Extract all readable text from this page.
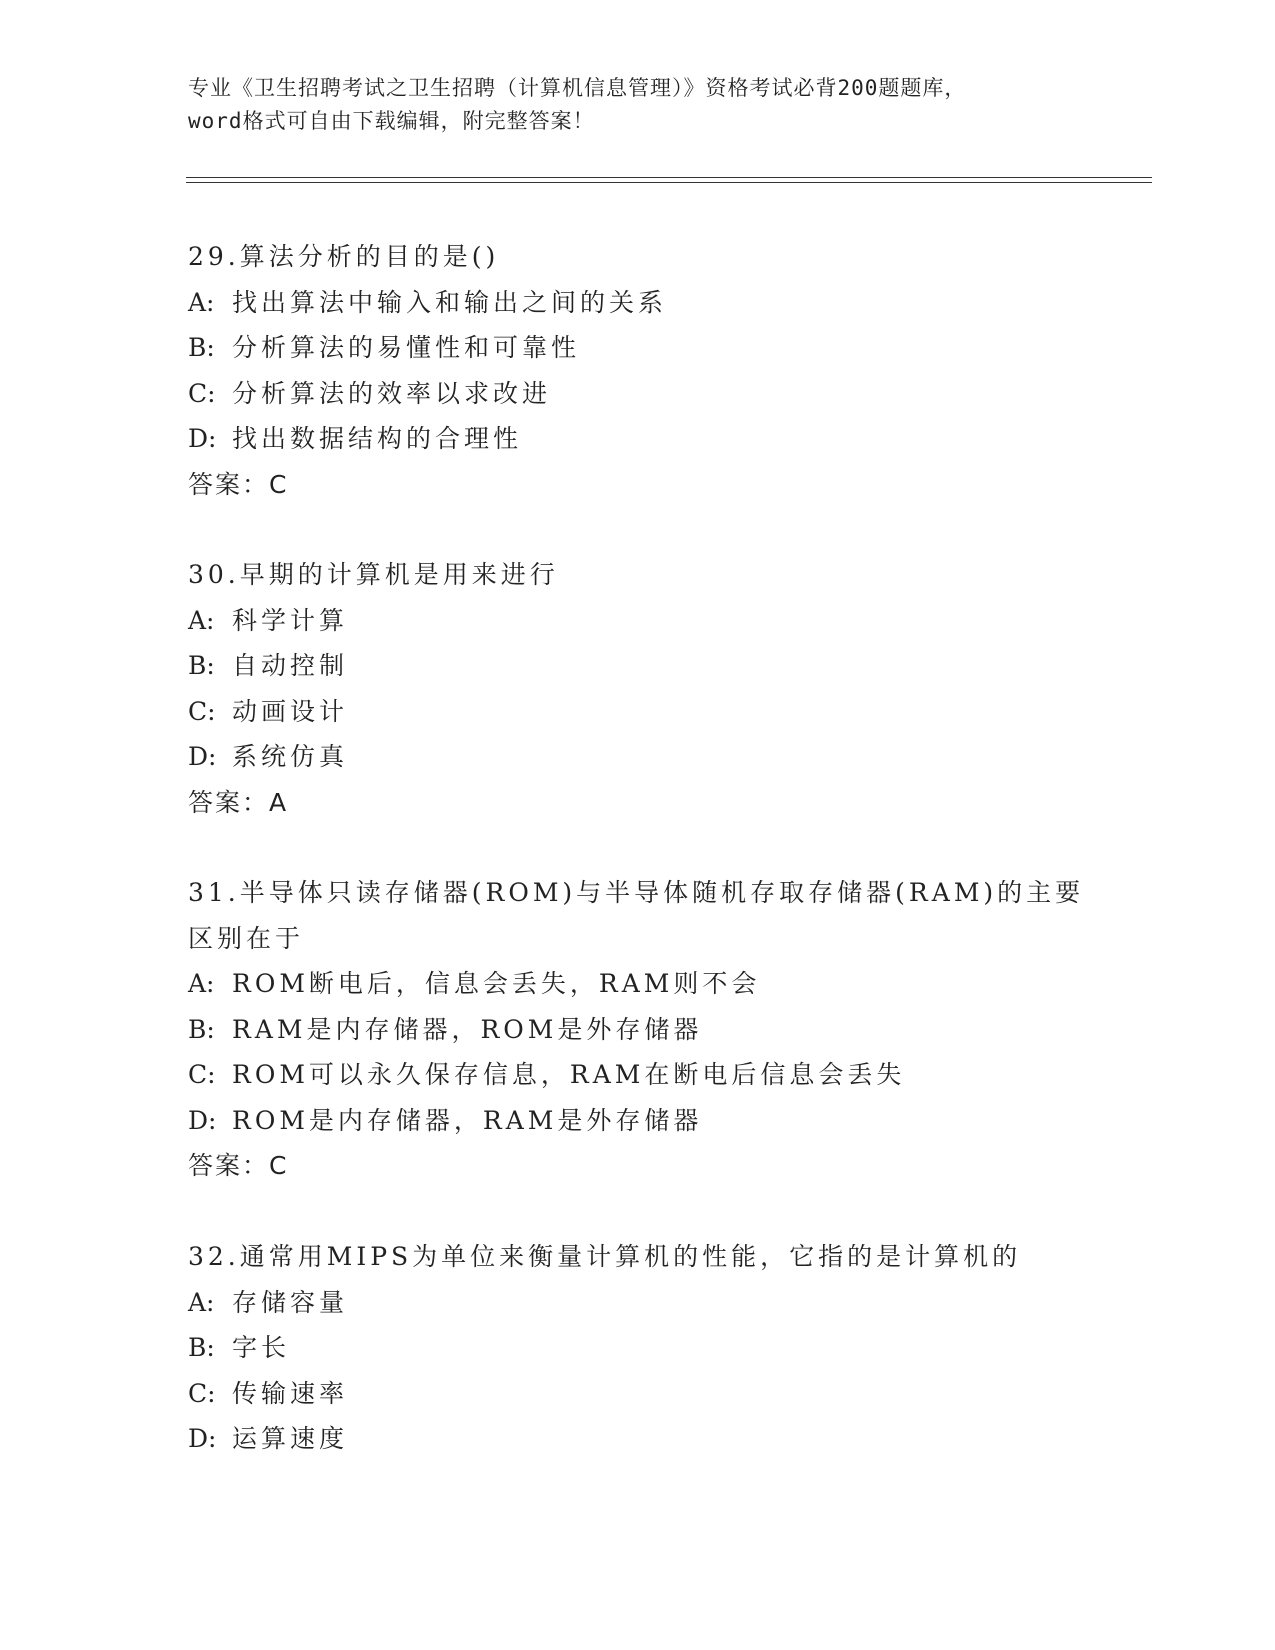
专业《卫生招聘考试之卫生招聘（计算机信息管理）》资格考试必背200题题库，
word格式可自由下载编辑，附完整答案！
29.算法分析的目的是()
A: 找出算法中输入和输出之间的关系
B: 分析算法的易懂性和可靠性
C: 分析算法的效率以求改进
D: 找出数据结构的合理性
答案：C
30.早期的计算机是用来进行
A: 科学计算
B: 自动控制
C: 动画设计
D: 系统仿真
答案：A
31.半导体只读存储器(ROM)与半导体随机存取存储器(RAM)的主要区别在于
A: ROM断电后，信息会丢失，RAM则不会
B: RAM是内存储器，ROM是外存储器
C: ROM可以永久保存信息，RAM在断电后信息会丢失
D: ROM是内存储器，RAM是外存储器
答案：C
32.通常用MIPS为单位来衡量计算机的性能，它指的是计算机的
A: 存储容量
B: 字长
C: 传输速率
D: 运算速度
